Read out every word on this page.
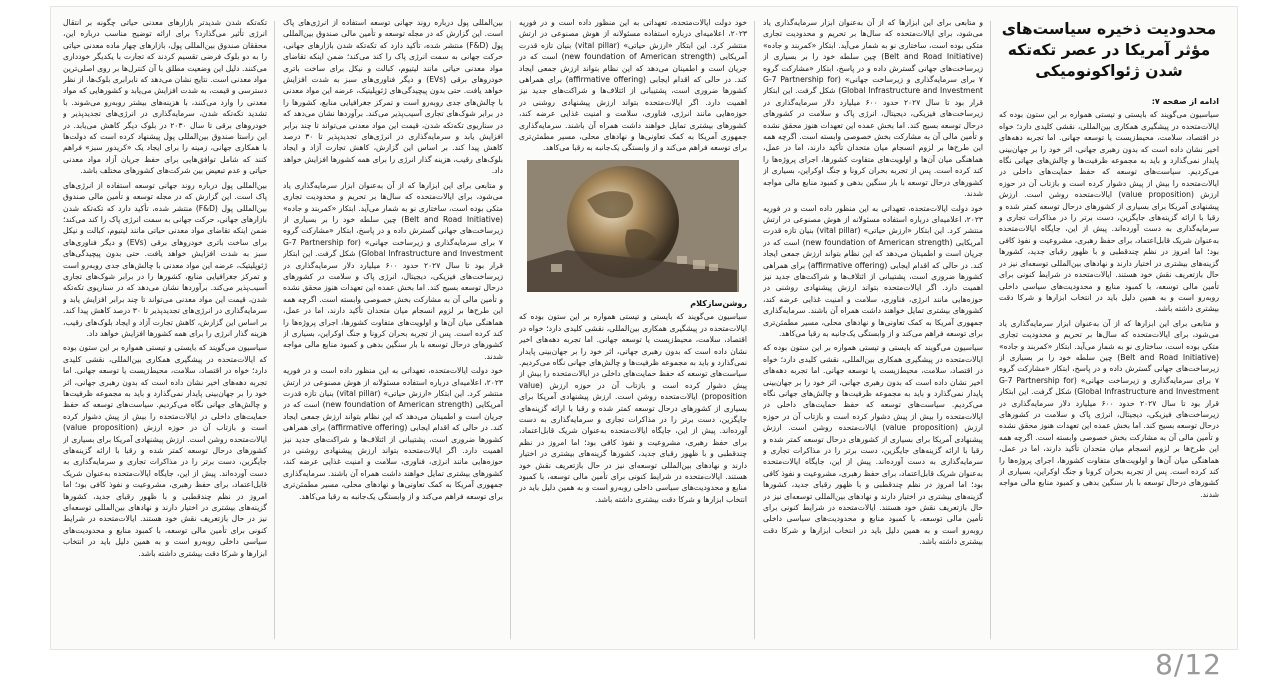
محدودیت ذخیره سیاست‌های مؤثر آمریکا در عصر تکه‌تکه شدن ژئواکونومیکی
ادامه از صفحه ۷:

سیاسیون می‌گویند که بایستی و تیستی همواره بر این ستون بوده که ایالات‌متحده در پیشگیری همکاری بین‌المللی، نقشی کلیدی دارد؛ خواه در اقتصاد، سلامت، محیط‌زیست یا توسعه جهانی. اما تجربه دهه‌های اخیر نشان داده است که بدون رهبری جهانی، اثر خود را بر جهان‌بینی پایدار نمی‌گذارد و باید به مجموعه ظرفیت‌ها و چالش‌های جهانی نگاه می‌کردیم. سیاست‌های توسعه که حفظ حمایت‌های داخلی در ایالات‌متحده را بیش از پیش دشوار کرده است و بازتاب آن در حوزه ارزش (value proposition) ایالات‌متحده روشن است. ارزش پیشنهادی آمریکا برای بسیاری از کشورهای درحال توسعه کمتر شده و رقبا با ارائه گزینه‌های جایگزین، دست برتر را در مذاکرات تجاری و سرمایه‌گذاری به دست آورده‌اند. پیش از این، جایگاه ایالات‌متحده به‌عنوان شریک قابل‌اعتماد، برای حفظ رهبری، مشروعیت و نفوذ کافی بود؛ اما امروز در نظم چندقطبی و با ظهور رقبای جدید، کشورها گزینه‌های بیشتری در اختیار دارند و نهادهای بین‌المللی توسعه‌ای نیز در حال بازتعریف نقش خود هستند. ایالات‌متحده در شرایط کنونی برای تأمین مالی توسعه، با کمبود منابع و محدودیت‌های سیاسی داخلی روبه‌رو است و به همین دلیل باید در انتخاب ابزارها و شرکا دقت بیشتری داشته باشد.

و متابعی برای این ابزارها که از آن به‌عنوان ابزار سرمایه‌گذاری یاد می‌شود، برای ایالات‌متحده که سال‌ها بر تحریم و محدودیت تجاری متکی بوده است، ساختاری نو به شمار می‌آید. ابتکار «کمربند و جاده» (Belt and Road Initiative) چین سلطه خود را بر بسیاری از زیرساخت‌های جهانی گسترش داده و در پاسخ، ابتکار «مشارکت گروه ۷ برای سرمایه‌گذاری و زیرساخت جهانی» (G-7 Partnership for Global Infrastructure and Investment) شکل گرفت. این ابتکار قرار بود تا سال ۲۰۲۷ حدود ۶۰۰ میلیارد دلار سرمایه‌گذاری در زیرساخت‌های فیزیکی، دیجیتال، انرژی پاک و سلامت در کشورهای درحال توسعه بسیج کند. اما بخش عمده این تعهدات هنوز محقق نشده و تأمین مالی آن به مشارکت بخش خصوصی وابسته است. اگرچه همه این طرح‌ها بر لزوم انسجام میان متحدان تأکید دارند، اما در عمل، هماهنگی میان آن‌ها و اولویت‌های متفاوت کشورها، اجرای پروژه‌ها را کند کرده است. پس از تجربه بحران کرونا و جنگ اوکراین، بسیاری از کشورهای درحال توسعه با بار سنگین بدهی و کمبود منابع مالی مواجه شدند.

و متابعی برای این ابزارها که از آن به‌عنوان ابزار سرمایه‌گذاری یاد می‌شود، برای ایالات‌متحده که سال‌ها بر تحریم و محدودیت تجاری متکی بوده است، ساختاری نو به شمار می‌آید. ابتکار «کمربند و جاده» (Belt and Road Initiative) چین سلطه خود را بر بسیاری از زیرساخت‌های جهانی گسترش داده و در پاسخ، ابتکار «مشارکت گروه ۷ برای سرمایه‌گذاری و زیرساخت جهانی» (G-7 Partnership for Global Infrastructure and Investment) شکل گرفت. این ابتکار قرار بود تا سال ۲۰۲۷ حدود ۶۰۰ میلیارد دلار سرمایه‌گذاری در زیرساخت‌های فیزیکی، دیجیتال، انرژی پاک و سلامت در کشورهای درحال توسعه بسیج کند. اما بخش عمده این تعهدات هنوز محقق نشده و تأمین مالی آن به مشارکت بخش خصوصی وابسته است. اگرچه همه این طرح‌ها بر لزوم انسجام میان متحدان تأکید دارند، اما در عمل، هماهنگی میان آن‌ها و اولویت‌های متفاوت کشورها، اجرای پروژه‌ها را کند کرده است. پس از تجربه بحران کرونا و جنگ اوکراین، بسیاری از کشورهای درحال توسعه با بار سنگین بدهی و کمبود منابع مالی مواجه شدند.

خود دولت ایالات‌متحده، تعهداتی به این منظور داده است و در فوریه ۲۰۲۳، اعلامیه‌ای درباره استفاده مسئولانه از هوش مصنوعی در ارتش منتشر کرد. این ابتکار «ارزش حیاتی» (vital pillar) بنیان تازه قدرت آمریکایی (new foundation of American strength) است که در جریان است و اطمینان می‌دهد که این نظام بتواند ارزش جمعی ایجاد کند. در حالی که اقدام ایجابی (affirmative offering) برای همراهی کشورها ضروری است، پشتیبانی از ائتلاف‌ها و شراکت‌های جدید نیز اهمیت دارد. اگر ایالات‌متحده بتواند ارزش پیشنهادی روشنی در حوزه‌هایی مانند انرژی، فناوری، سلامت و امنیت غذایی عرضه کند، کشورهای بیشتری تمایل خواهند داشت همراه آن باشند. سرمایه‌گذاری جمهوری آمریکا به کمک تعاونی‌ها و نهادهای محلی، مسیر مطمئن‌تری برای توسعه فراهم می‌کند و از وابستگی یک‌جانبه به رقبا می‌کاهد.

سیاسیون می‌گویند که بایستی و تیستی همواره بر این ستون بوده که ایالات‌متحده در پیشگیری همکاری بین‌المللی، نقشی کلیدی دارد؛ خواه در اقتصاد، سلامت، محیط‌زیست یا توسعه جهانی. اما تجربه دهه‌های اخیر نشان داده است که بدون رهبری جهانی، اثر خود را بر جهان‌بینی پایدار نمی‌گذارد و باید به مجموعه ظرفیت‌ها و چالش‌های جهانی نگاه می‌کردیم. سیاست‌های توسعه که حفظ حمایت‌های داخلی در ایالات‌متحده را بیش از پیش دشوار کرده است و بازتاب آن در حوزه ارزش (value proposition) ایالات‌متحده روشن است. ارزش پیشنهادی آمریکا برای بسیاری از کشورهای درحال توسعه کمتر شده و رقبا با ارائه گزینه‌های جایگزین، دست برتر را در مذاکرات تجاری و سرمایه‌گذاری به دست آورده‌اند. پیش از این، جایگاه ایالات‌متحده به‌عنوان شریک قابل‌اعتماد، برای حفظ رهبری، مشروعیت و نفوذ کافی بود؛ اما امروز در نظم چندقطبی و با ظهور رقبای جدید، کشورها گزینه‌های بیشتری در اختیار دارند و نهادهای بین‌المللی توسعه‌ای نیز در حال بازتعریف نقش خود هستند. ایالات‌متحده در شرایط کنونی برای تأمین مالی توسعه، با کمبود منابع و محدودیت‌های سیاسی داخلی روبه‌رو است و به همین دلیل باید در انتخاب ابزارها و شرکا دقت بیشتری داشته باشد.

خود دولت ایالات‌متحده، تعهداتی به این منظور داده است و در فوریه ۲۰۲۳، اعلامیه‌ای درباره استفاده مسئولانه از هوش مصنوعی در ارتش منتشر کرد. این ابتکار «ارزش حیاتی» (vital pillar) بنیان تازه قدرت آمریکایی (new foundation of American strength) است که در جریان است و اطمینان می‌دهد که این نظام بتواند ارزش جمعی ایجاد کند. در حالی که اقدام ایجابی (affirmative offering) برای همراهی کشورها ضروری است، پشتیبانی از ائتلاف‌ها و شراکت‌های جدید نیز اهمیت دارد. اگر ایالات‌متحده بتواند ارزش پیشنهادی روشنی در حوزه‌هایی مانند انرژی، فناوری، سلامت و امنیت غذایی عرضه کند، کشورهای بیشتری تمایل خواهند داشت همراه آن باشند. سرمایه‌گذاری جمهوری آمریکا به کمک تعاونی‌ها و نهادهای محلی، مسیر مطمئن‌تری برای توسعه فراهم می‌کند و از وابستگی یک‌جانبه به رقبا می‌کاهد.

روشن‌سازکلام

سیاسیون می‌گویند که بایستی و تیستی همواره بر این ستون بوده که ایالات‌متحده در پیشگیری همکاری بین‌المللی، نقشی کلیدی دارد؛ خواه در اقتصاد، سلامت، محیط‌زیست یا توسعه جهانی. اما تجربه دهه‌های اخیر نشان داده است که بدون رهبری جهانی، اثر خود را بر جهان‌بینی پایدار نمی‌گذارد و باید به مجموعه ظرفیت‌ها و چالش‌های جهانی نگاه می‌کردیم. سیاست‌های توسعه که حفظ حمایت‌های داخلی در ایالات‌متحده را بیش از پیش دشوار کرده است و بازتاب آن در حوزه ارزش (value proposition) ایالات‌متحده روشن است. ارزش پیشنهادی آمریکا برای بسیاری از کشورهای درحال توسعه کمتر شده و رقبا با ارائه گزینه‌های جایگزین، دست برتر را در مذاکرات تجاری و سرمایه‌گذاری به دست آورده‌اند. پیش از این، جایگاه ایالات‌متحده به‌عنوان شریک قابل‌اعتماد، برای حفظ رهبری، مشروعیت و نفوذ کافی بود؛ اما امروز در نظم چندقطبی و با ظهور رقبای جدید، کشورها گزینه‌های بیشتری در اختیار دارند و نهادهای بین‌المللی توسعه‌ای نیز در حال بازتعریف نقش خود هستند. ایالات‌متحده در شرایط کنونی برای تأمین مالی توسعه، با کمبود منابع و محدودیت‌های سیاسی داخلی روبه‌رو است و به همین دلیل باید در انتخاب ابزارها و شرکا دقت بیشتری داشته باشد.

بین‌المللی پول درباره روند جهانی توسعه استفاده از انرژی‌های پاک است. این گزارش که در مجله توسعه و تأمین مالی صندوق بین‌المللی پول (F&D) منتشر شده، تأکید دارد که تکه‌تکه شدن بازارهای جهانی، حرکت جهانی به سمت انرژی پاک را کند می‌کند؛ ضمن اینکه تقاضای مواد معدنی حیاتی مانند لیتیوم، کبالت و نیکل برای ساخت باتری خودروهای برقی (EVs) و دیگر فناوری‌های سبز به شدت افزایش خواهد یافت. حتی بدون پیچیدگی‌های ژئوپلیتیک، عرضه این مواد معدنی با چالش‌های جدی روبه‌رو است و تمرکز جغرافیایی منابع، کشورها را در برابر شوک‌های تجاری آسیب‌پذیر می‌کند. برآوردها نشان می‌دهد که در سناریوی تکه‌تکه شدن، قیمت این مواد معدنی می‌تواند تا چند برابر افزایش یابد و سرمایه‌گذاری در انرژی‌های تجدیدپذیر تا ۳۰ درصد کاهش پیدا کند. بر اساس این گزارش، کاهش تجارت آزاد و ایجاد بلوک‌های رقیب، هزینه گذار انرژی را برای همه کشورها افزایش خواهد داد.

و متابعی برای این ابزارها که از آن به‌عنوان ابزار سرمایه‌گذاری یاد می‌شود، برای ایالات‌متحده که سال‌ها بر تحریم و محدودیت تجاری متکی بوده است، ساختاری نو به شمار می‌آید. ابتکار «کمربند و جاده» (Belt and Road Initiative) چین سلطه خود را بر بسیاری از زیرساخت‌های جهانی گسترش داده و در پاسخ، ابتکار «مشارکت گروه ۷ برای سرمایه‌گذاری و زیرساخت جهانی» (G-7 Partnership for Global Infrastructure and Investment) شکل گرفت. این ابتکار قرار بود تا سال ۲۰۲۷ حدود ۶۰۰ میلیارد دلار سرمایه‌گذاری در زیرساخت‌های فیزیکی، دیجیتال، انرژی پاک و سلامت در کشورهای درحال توسعه بسیج کند. اما بخش عمده این تعهدات هنوز محقق نشده و تأمین مالی آن به مشارکت بخش خصوصی وابسته است. اگرچه همه این طرح‌ها بر لزوم انسجام میان متحدان تأکید دارند، اما در عمل، هماهنگی میان آن‌ها و اولویت‌های متفاوت کشورها، اجرای پروژه‌ها را کند کرده است. پس از تجربه بحران کرونا و جنگ اوکراین، بسیاری از کشورهای درحال توسعه با بار سنگین بدهی و کمبود منابع مالی مواجه شدند.

خود دولت ایالات‌متحده، تعهداتی به این منظور داده است و در فوریه ۲۰۲۳، اعلامیه‌ای درباره استفاده مسئولانه از هوش مصنوعی در ارتش منتشر کرد. این ابتکار «ارزش حیاتی» (vital pillar) بنیان تازه قدرت آمریکایی (new foundation of American strength) است که در جریان است و اطمینان می‌دهد که این نظام بتواند ارزش جمعی ایجاد کند. در حالی که اقدام ایجابی (affirmative offering) برای همراهی کشورها ضروری است، پشتیبانی از ائتلاف‌ها و شراکت‌های جدید نیز اهمیت دارد. اگر ایالات‌متحده بتواند ارزش پیشنهادی روشنی در حوزه‌هایی مانند انرژی، فناوری، سلامت و امنیت غذایی عرضه کند، کشورهای بیشتری تمایل خواهند داشت همراه آن باشند. سرمایه‌گذاری جمهوری آمریکا به کمک تعاونی‌ها و نهادهای محلی، مسیر مطمئن‌تری برای توسعه فراهم می‌کند و از وابستگی یک‌جانبه به رقبا می‌کاهد.

تکه‌تکه شدن شدیدتر بازارهای معدنی حیاتی چگونه بر انتقال انرژی تأثیر می‌گذارد؟ برای ارائه توضیح مناسب درباره این، محققان صندوق بین‌المللی پول، بازارهای چهار ماده معدنی حیاتی را به دو بلوک فرضی تقسیم کردند که تجارت با یکدیگر خودداری می‌کنند. دلیل این وضعیت مطلق با آن کنترل‌ها بر روی اصلی‌ترین مواد معدنی است. نتایج نشان می‌دهد که نابرابری بلوک‌ها، از نظر دسترسی و قیمت، به شدت افزایش می‌یابد و کشورهایی که مواد معدنی را وارد می‌کنند، با هزینه‌های بیشتر روبه‌رو می‌شوند. با تشدید تکه‌تکه شدن، سرمایه‌گذاری در انرژی‌های تجدیدپذیر و خودروهای برقی تا سال ۲۰۳۰ در بلوک دیگر کاهش می‌یابد. در این راستا صندوق بین‌المللی پول پیشنهاد کرده است که دولت‌ها با همکاری جهانی، زمینه را برای ایجاد یک «کریدور سبز» فراهم کنند که شامل توافق‌هایی برای حفظ جریان آزاد مواد معدنی حیاتی و عدم تبعیض بین شرکت‌های کشورهای مختلف باشد.

بین‌المللی پول درباره روند جهانی توسعه استفاده از انرژی‌های پاک است. این گزارش که در مجله توسعه و تأمین مالی صندوق بین‌المللی پول (F&D) منتشر شده، تأکید دارد که تکه‌تکه شدن بازارهای جهانی، حرکت جهانی به سمت انرژی پاک را کند می‌کند؛ ضمن اینکه تقاضای مواد معدنی حیاتی مانند لیتیوم، کبالت و نیکل برای ساخت باتری خودروهای برقی (EVs) و دیگر فناوری‌های سبز به شدت افزایش خواهد یافت. حتی بدون پیچیدگی‌های ژئوپلیتیک، عرضه این مواد معدنی با چالش‌های جدی روبه‌رو است و تمرکز جغرافیایی منابع، کشورها را در برابر شوک‌های تجاری آسیب‌پذیر می‌کند. برآوردها نشان می‌دهد که در سناریوی تکه‌تکه شدن، قیمت این مواد معدنی می‌تواند تا چند برابر افزایش یابد و سرمایه‌گذاری در انرژی‌های تجدیدپذیر تا ۳۰ درصد کاهش پیدا کند. بر اساس این گزارش، کاهش تجارت آزاد و ایجاد بلوک‌های رقیب، هزینه گذار انرژی را برای همه کشورها افزایش خواهد داد.

سیاسیون می‌گویند که بایستی و تیستی همواره بر این ستون بوده که ایالات‌متحده در پیشگیری همکاری بین‌المللی، نقشی کلیدی دارد؛ خواه در اقتصاد، سلامت، محیط‌زیست یا توسعه جهانی. اما تجربه دهه‌های اخیر نشان داده است که بدون رهبری جهانی، اثر خود را بر جهان‌بینی پایدار نمی‌گذارد و باید به مجموعه ظرفیت‌ها و چالش‌های جهانی نگاه می‌کردیم. سیاست‌های توسعه که حفظ حمایت‌های داخلی در ایالات‌متحده را بیش از پیش دشوار کرده است و بازتاب آن در حوزه ارزش (value proposition) ایالات‌متحده روشن است. ارزش پیشنهادی آمریکا برای بسیاری از کشورهای درحال توسعه کمتر شده و رقبا با ارائه گزینه‌های جایگزین، دست برتر را در مذاکرات تجاری و سرمایه‌گذاری به دست آورده‌اند. پیش از این، جایگاه ایالات‌متحده به‌عنوان شریک قابل‌اعتماد، برای حفظ رهبری، مشروعیت و نفوذ کافی بود؛ اما امروز در نظم چندقطبی و با ظهور رقبای جدید، کشورها گزینه‌های بیشتری در اختیار دارند و نهادهای بین‌المللی توسعه‌ای نیز در حال بازتعریف نقش خود هستند. ایالات‌متحده در شرایط کنونی برای تأمین مالی توسعه، با کمبود منابع و محدودیت‌های سیاسی داخلی روبه‌رو است و به همین دلیل باید در انتخاب ابزارها و شرکا دقت بیشتری داشته باشد.

8/12
